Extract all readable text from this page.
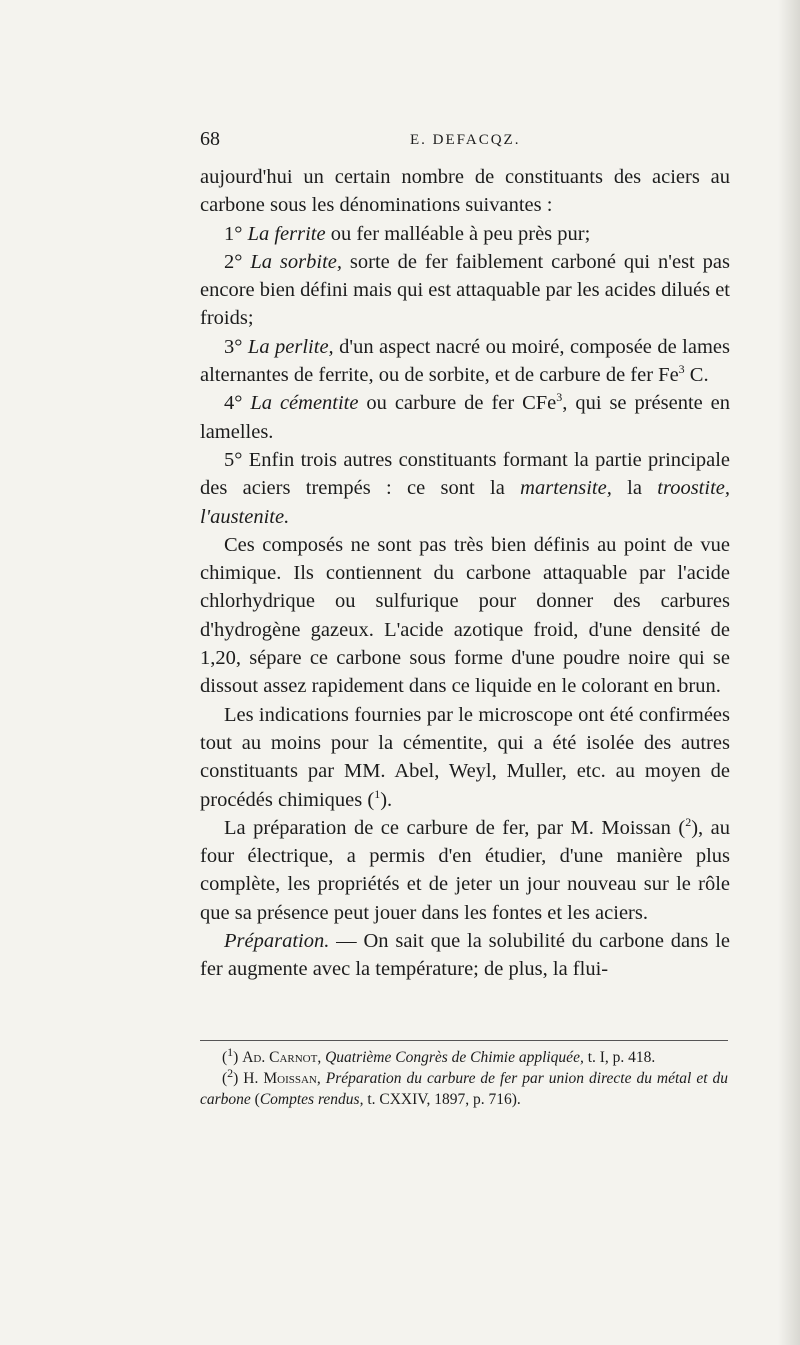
68	E. DEFACQZ.

aujourd'hui un certain nombre de constituants des aciers au carbone sous les dénominations suivantes :

1° La ferrite ou fer malléable à peu près pur;

2° La sorbite, sorte de fer faiblement carboné qui n'est pas encore bien défini mais qui est attaquable par les acides dilués et froids;

3° La perlite, d'un aspect nacré ou moiré, composée de lames alternantes de ferrite, ou de sorbite, et de carbure de fer Fe$^3$ C.

4° La cémentite ou carbure de fer CFe$^3$, qui se présente en lamelles.

5° Enfin trois autres constituants formant la partie principale des aciers trempés : ce sont la martensite, la troostite, l'austenite.

Ces composés ne sont pas très bien définis au point de vue chimique. Ils contiennent du carbone attaquable par l'acide chlorhydrique ou sulfurique pour donner des carbures d'hydrogène gazeux. L'acide azotique froid, d'une densité de 1,20, sépare ce carbone sous forme d'une poudre noire qui se dissout assez rapidement dans ce liquide en le colorant en brun.

Les indications fournies par le microscope ont été confirmées tout au moins pour la cémentite, qui a été isolée des autres constituants par MM. Abel, Weyl, Muller, etc. au moyen de procédés chimiques ($^1$).

La préparation de ce carbure de fer, par M. Moissan ($^2$), au four électrique, a permis d'en étudier, d'une manière plus complète, les propriétés et de jeter un jour nouveau sur le rôle que sa présence peut jouer dans les fontes et les aciers.

Préparation. — On sait que la solubilité du carbone dans le fer augmente avec la température; de plus, la flui-

($^1$) Ad. Carnot, Quatrième Congrès de Chimie appliquée, t. I, p. 418.

($^2$) H. Moissan, Préparation du carbure de fer par union directe du métal et du carbone (Comptes rendus, t. CXXIV, 1897, p. 716).
